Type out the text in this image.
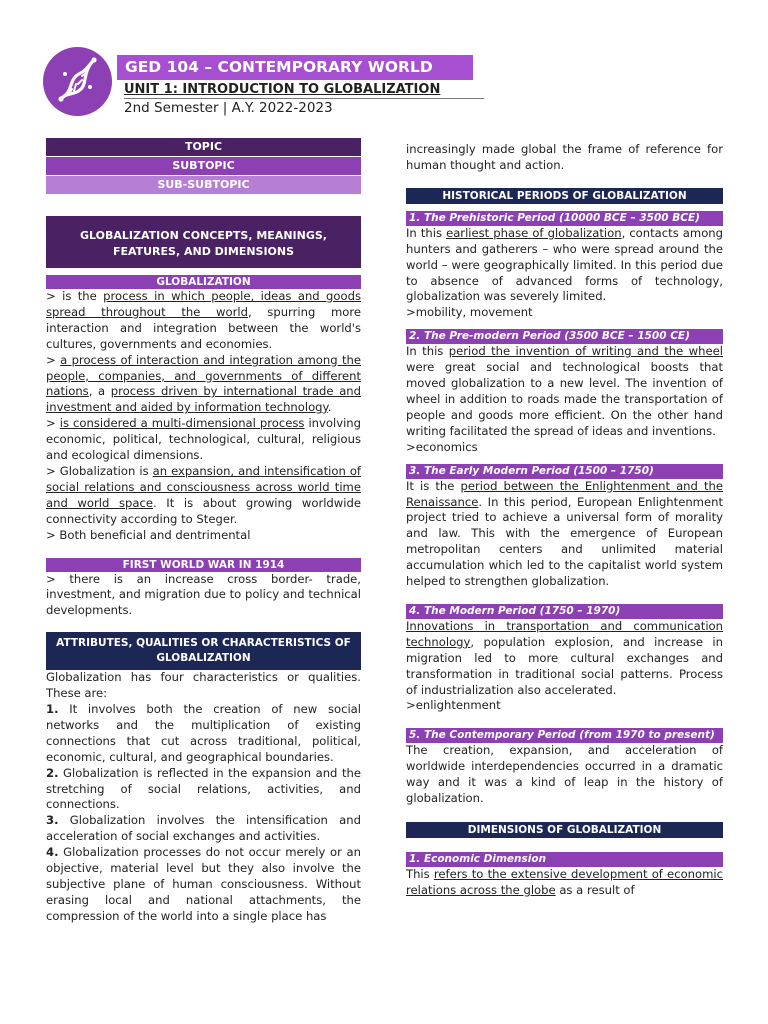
GED 104 – CONTEMPORARY WORLD
UNIT 1: INTRODUCTION TO GLOBALIZATION
2nd Semester | A.Y. 2022-2023
TOPIC
SUBTOPIC
SUB-SUBTOPIC
GLOBALIZATION CONCEPTS, MEANINGS, FEATURES, AND DIMENSIONS
GLOBALIZATION

> is the process in which people, ideas and goods spread throughout the world, spurring more interaction and integration between the world's cultures, governments and economies.

> a process of interaction and integration among the people, companies, and governments of different nations, a process driven by international trade and investment and aided by information technology.

> is considered a multi-dimensional process involving economic, political, technological, cultural, religious and ecological dimensions.

> Globalization is an expansion, and intensification of social relations and consciousness across world time and world space. It is about growing worldwide connectivity according to Steger.

> Both beneficial and dentrimental

FIRST WORLD WAR IN 1914

> there is an increase cross border- trade, investment, and migration due to policy and technical developments.

ATTRIBUTES, QUALITIES OR CHARACTERISTICS OF GLOBALIZATION

Globalization has four characteristics or qualities. These are:

1. It involves both the creation of new social networks and the multiplication of existing connections that cut across traditional, political, economic, cultural, and geographical boundaries.

2. Globalization is reflected in the expansion and the stretching of social relations, activities, and connections.

3. Globalization involves the intensification and acceleration of social exchanges and activities.

4. Globalization processes do not occur merely or an objective, material level but they also involve the subjective plane of human consciousness. Without erasing local and national attachments, the compression of the world into a single place has

increasingly made global the frame of reference for human thought and action.

HISTORICAL PERIODS OF GLOBALIZATION
1. The Prehistoric Period (10000 BCE – 3500 BCE)

In this earliest phase of globalization, contacts among hunters and gatherers – who were spread around the world – were geographically limited. In this period due to absence of advanced forms of technology, globalization was severely limited.

>mobility, movement

2. The Pre-modern Period (3500 BCE – 1500 CE)

In this period the invention of writing and the wheel were great social and technological boosts that moved globalization to a new level. The invention of wheel in addition to roads made the transportation of people and goods more efficient. On the other hand writing facilitated the spread of ideas and inventions.

>economics

3. The Early Modern Period (1500 – 1750)

It is the period between the Enlightenment and the Renaissance. In this period, European Enlightenment project tried to achieve a universal form of morality and law. This with the emergence of European metropolitan centers and unlimited material accumulation which led to the capitalist world system helped to strengthen globalization.

4. The Modern Period (1750 – 1970)

Innovations in transportation and communication technology, population explosion, and increase in migration led to more cultural exchanges and transformation in traditional social patterns. Process of industrialization also accelerated.

>enlightenment

5. The Contemporary Period (from 1970 to present)

The creation, expansion, and acceleration of worldwide interdependencies occurred in a dramatic way and it was a kind of leap in the history of globalization.

DIMENSIONS OF GLOBALIZATION
1. Economic Dimension

This refers to the extensive development of economic relations across the globe as a result of
